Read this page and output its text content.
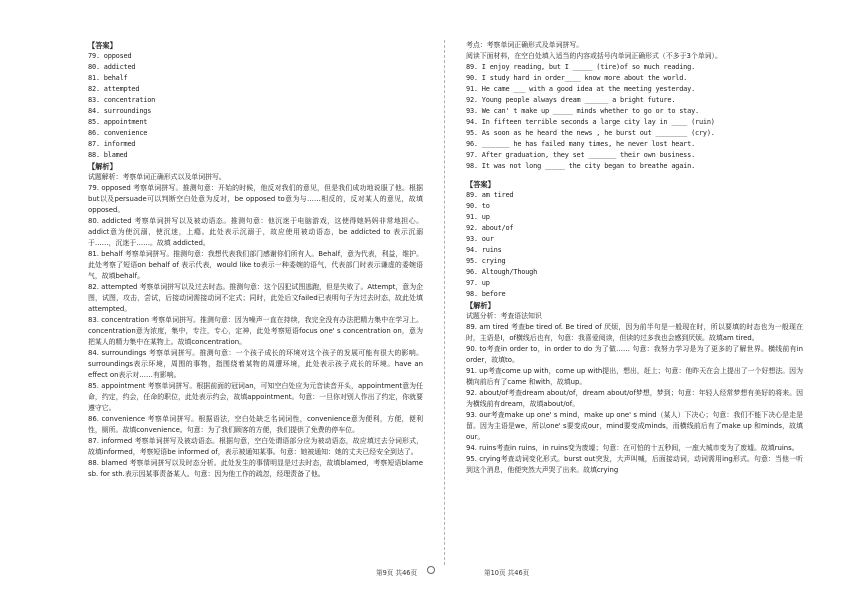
【答案】
79. opposed
80. addicted
81. behalf
82. attempted
83. concentration
84. surroundings
85. appointment
86. convenience
87. informed
88. blamed
【解析】
试题解析：考察单词正确形式以及单词拼写。
79. opposed 考察单词拼写。推测句意：开始的时候，他反对我们的意见，但是我们成功地说服了他。根据but以及persuade可以判断空白处意为反对，be opposed to意为与……相反的，反对某人的意见，故填opposed。
80. addicted 考察单词拼写以及被动语态。推测句意：他沉迷于电脑游戏，这使得她妈妈非常地担心。addict意为使沉溺，使沉迷，上瘾。此处表示沉溺于，故应使用被动语态，be addicted to 表示沉溺于……，沉迷于……。故填 addicted。
81. behalf 考察单词拼写。推测句意：我想代表我们部门感谢你们所有人。Behalf，意为代表，利益，维护。此处考察了短语on behalf of 表示代表，would like to表示一种委婉的语气，代表部门时表示谦虚的委婉语气，故填behalf。
82. attempted 考察单词拼写以及过去时态。推测句意：这个囚犯试图逃跑，但是失败了。Attempt，意为企图，试图，攻击，尝试，后接动词需接动词不定式；同时，此处后文failed已表明句子为过去时态，故此处填attempted。
83. concentration 考察单词拼写。推测句意：因为噪声一直在持续，我完全没有办法把精力集中在学习上。concentration意为浓度，集中，专注，专心，定神，此处考察短语focus one' s concentration on，意为把某人的精力集中在某物上。故填concentration。
84. surroundings 考察单词拼写。推测句意：一个孩子成长的环境对这个孩子的发展可能有很大的影响。surroundings表示环境，周围的事物，指围绕着某物的周遭环境，此处表示孩子成长的环境。have an effect on表示对……有影响。
85. appointment 考察单词拼写。根据前面的冠词an，可知空白处应为元音读音开头，appointment意为任命，约定，约会，任命的职位，此处表示约会，故填appointment。句意：一旦你对别人作出了约定，你就要遵守它。
86. convenience 考察单词拼写。根据语法，空白处缺乏名词词性，convenience意为便利，方便，便利性，厕所。故填convenience。句意：为了我们顾客的方便，我们提供了免费的停车位。
87. informed 考察单词拼写及被动语态。根据句意，空白处谓语部分应为被动语态，故应填过去分词形式，故填informed，考察短语be informed of，表示被通知某事。句意：她被通知：她的丈夫已经安全到达了。
88. blamed 考察单词拼写以及时态分析。此处发生的事情明显是过去时态，故填blamed，考察短语blame sb. for sth.表示因某事责备某人。句意：因为他工作的疏忽，经理责备了他。
考点：考察单词正确形式及单词拼写。
阅读下面材料，在空白处填入适当的内容或括号内单词正确形式（不多于3个单词）。
89. I enjoy reading, but I _____ (tire)of so much reading.
90. I study hard in order____ know more about the world.
91. He came ___ with a good idea at the meeting yesterday.
92. Young people always dream ______ a bright future.
93. We can' t make up _____ minds whether to go or to stay.
94. In fifteen terrible seconds a large city lay in ____ (ruin)
95. As soon as he heard the news , he burst out ________ (cry).
96. _______ he has failed many times, he never lost heart.
97. After graduation, they set _______ their own business.
98. It was not long _____ the city began to breathe again.
【答案】
89. am tired
90. to
91. up
92. about/of
93. our
94. ruins
95. crying
96. Altough/Though
97. up
98. before
【解析】
试题分析：考查语法知识
89. am tired 考查be tired of. Be tired of 厌烦，因为前半句是一般现在时，所以要填的时态也为一般现在时，主语是I，of横线后也有，句意：我喜爱阅读，但读的过多我也会感到厌烦。故填am tired。
90. to考查in order to，in order to do 为了做…… 句意：我努力学习是为了更多的了解世界。横线前有in order，故填to。
91. up考查come up with，come up with提出，想出，赶上；句意：他昨天在会上提出了一个好想法。因为横向前后有了came 和with，故填up。
92. about/of考查dream about/of，dream about/of梦想，梦到；句意：年轻人经常梦想有美好的将来。因为横线前有dream，故填about/of。
93. our考查make up one' s mind，make up one' s mind（某人）下决心；句意：我们不能下决心是走是留。因为主语是we，所以one' s要变成our，mind要变成minds，而横线前后有了make up 和minds，故填our。
94. ruins考查in ruins，in ruins变为废墟；句意：在可怕的十五秒间，一座大城市变为了废墟。故填ruins。
95. crying考查动词变化形式。burst out突发，大声叫喊，后面接动词，动词需用ing形式。句意：当他一听到这个消息，他便突然大声哭了出来。故填crying
第9页 共46页	第10页 共46页
